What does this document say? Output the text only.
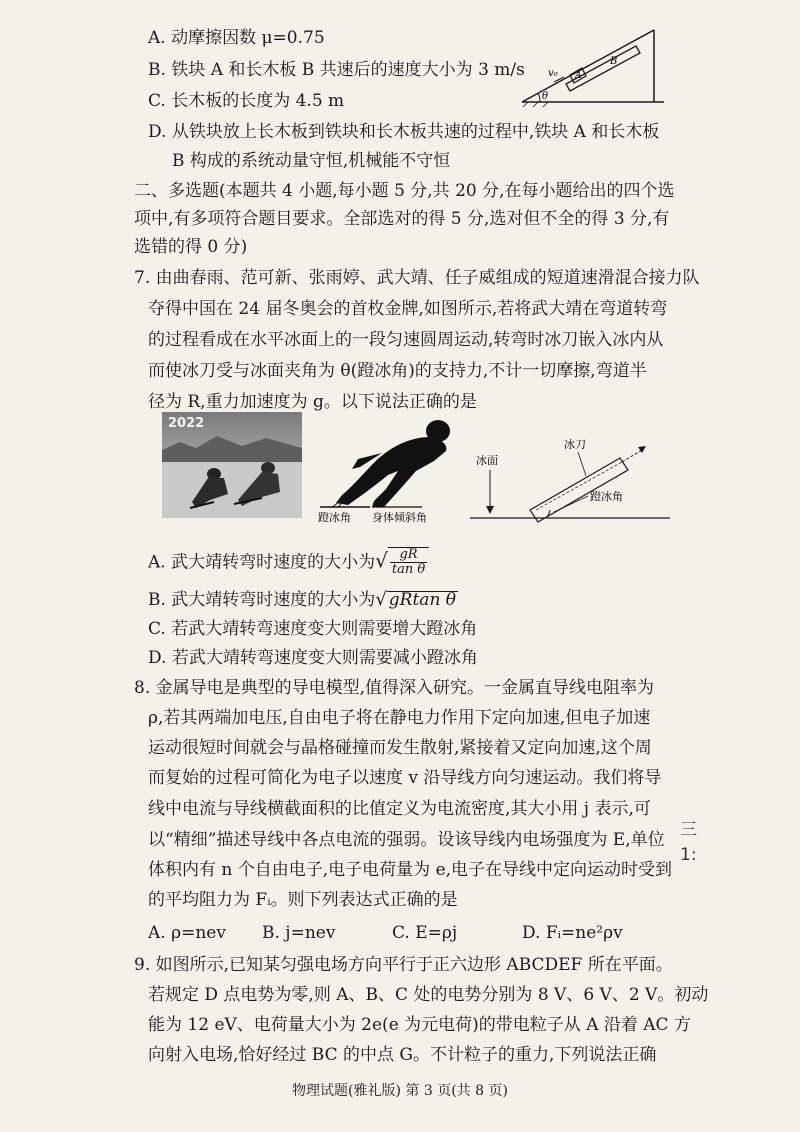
A. 动摩擦因数 μ=0.75
B. 铁块 A 和长木板 B 共速后的速度大小为 3 m/s
C. 长木板的长度为 4.5 m
D. 从铁块放上长木板到铁块和长木板共速的过程中,铁块 A 和长木板
B 构成的系统动量守恒,机械能不守恒
A
B
v₀
θ
二、多选题(本题共 4 小题,每小题 5 分,共 20 分,在每小题给出的四个选
项中,有多项符合题目要求。全部选对的得 5 分,选对但不全的得 3 分,有
选错的得 0 分)
7. 由曲春雨、范可新、张雨婷、武大靖、任子威组成的短道速滑混合接力队
夺得中国在 24 届冬奥会的首枚金牌,如图所示,若将武大靖在弯道转弯
的过程看成在水平冰面上的一段匀速圆周运动,转弯时冰刀嵌入冰内从
而使冰刀受与冰面夹角为 θ(蹬冰角)的支持力,不计一切摩擦,弯道半
径为 R,重力加速度为 g。以下说法正确的是
2022
蹬冰角 身体倾斜角
冰面
冰刀
蹬冰角
A. 武大靖转弯时速度的大小为√ $\frac{gR}{\text{tan θ}}$
B. 武大靖转弯时速度的大小为√ gRtan θ
C. 若武大靖转弯速度变大则需要增大蹬冰角
D. 若武大靖转弯速度变大则需要减小蹬冰角
8. 金属导电是典型的导电模型,值得深入研究。一金属直导线电阻率为
ρ,若其两端加电压,自由电子将在静电力作用下定向加速,但电子加速
运动很短时间就会与晶格碰撞而发生散射,紧接着又定向加速,这个周
而复始的过程可简化为电子以速度 v 沿导线方向匀速运动。我们将导
线中电流与导线横截面积的比值定义为电流密度,其大小用 j 表示,可
以“精细”描述导线中各点电流的强弱。设该导线内电场强度为 E,单位
体积内有 n 个自由电子,电子电荷量为 e,电子在导线中定向运动时受到
的平均阻力为 Fᵢ。则下列表达式正确的是
A. ρ=nev B. j=nev	C. E=ρj	D. Fᵢ=ne²ρv
9. 如图所示,已知某匀强电场方向平行于正六边形 ABCDEF 所在平面。
若规定 D 点电势为零,则 A、B、C 处的电势分别为 8 V、6 V、2 V。初动
能为 12 eV、电荷量大小为 2e(e 为元电荷)的带电粒子从 A 沿着 AC 方
向射入电场,恰好经过 BC 的中点 G。不计粒子的重力,下列说法正确
三
1:
物理试题(雅礼版) 第 3 页(共 8 页)
